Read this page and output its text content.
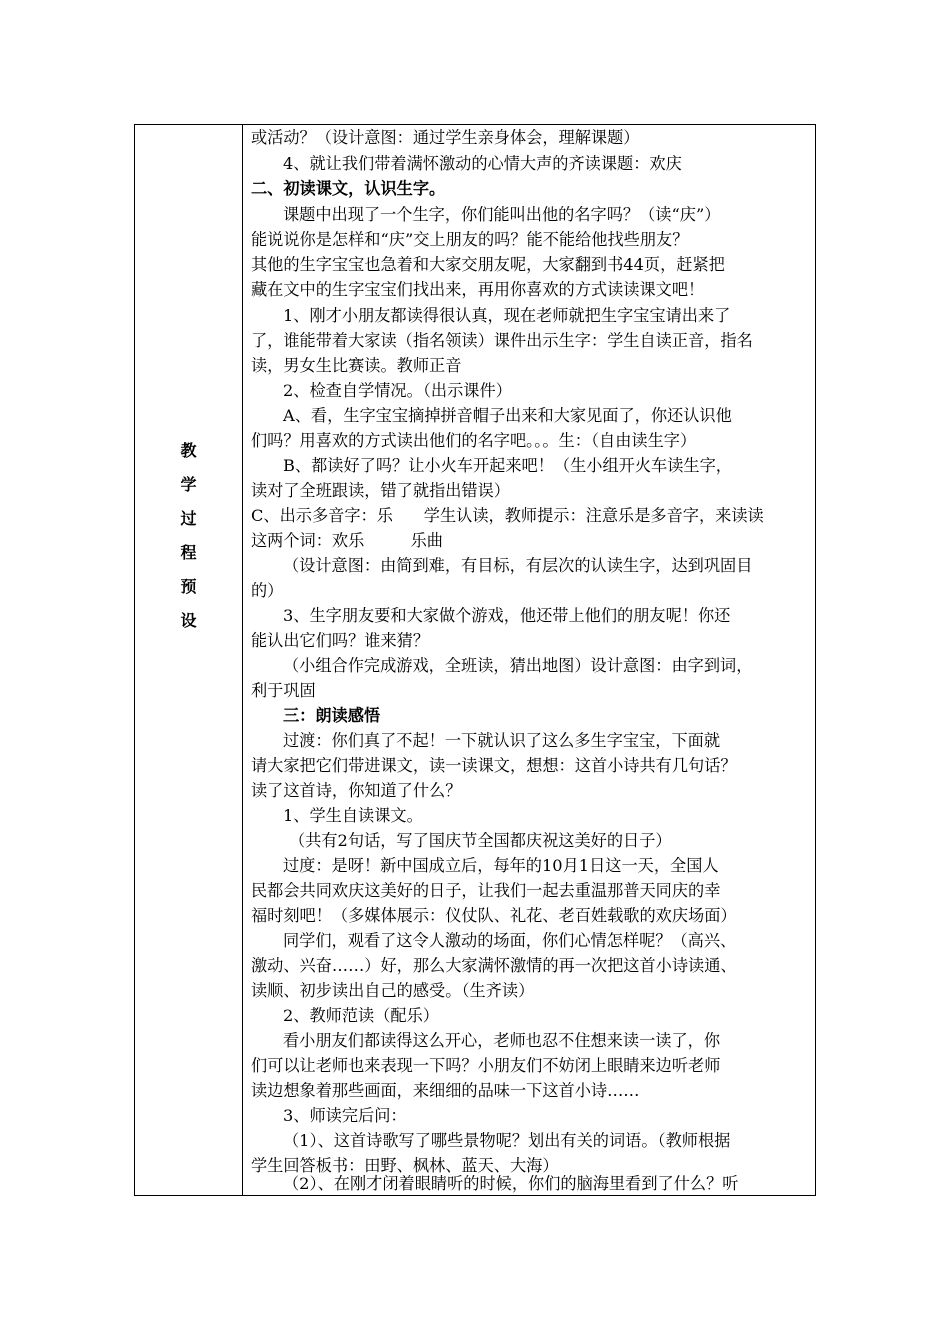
教
学
过
程
预
设
或活动？（设计意图：通过学生亲身体会，理解课题）
4、就让我们带着满怀激动的心情大声的齐读课题：欢庆
二、初读课文，认识生字。
课题中出现了一个生字，你们能叫出他的名字吗？（读“庆”）
能说说你是怎样和“庆”交上朋友的吗？能不能给他找些朋友？
其他的生字宝宝也急着和大家交朋友呢，大家翻到书44页，赶紧把
藏在文中的生字宝宝们找出来，再用你喜欢的方式读读课文吧！
1、刚才小朋友都读得很认真，现在老师就把生字宝宝请出来了
了，谁能带着大家读（指名领读）课件出示生字：学生自读正音，指名
读，男女生比赛读。教师正音
2、检查自学情况。（出示课件）
A、看，生字宝宝摘掉拼音帽子出来和大家见面了，你还认识他
们吗？用喜欢的方式读出他们的名字吧。。。生：（自由读生字）
B、都读好了吗？让小火车开起来吧！（生小组开火车读生字，
读对了全班跟读，错了就指出错误）
C、出示多音字：乐      学生认读，教师提示：注意乐是多音字，来读读
这两个词：欢乐         乐曲
（设计意图：由简到难，有目标，有层次的认读生字，达到巩固目
的）
3、生字朋友要和大家做个游戏，他还带上他们的朋友呢！你还
能认出它们吗？谁来猜？
（小组合作完成游戏，全班读，猜出地图）设计意图：由字到词，
利于巩固
三：朗读感悟
过渡：你们真了不起！一下就认识了这么多生字宝宝，下面就
请大家把它们带进课文，读一读课文，想想：这首小诗共有几句话？
读了这首诗，你知道了什么？
1、学生自读课文。
（共有2句话，写了国庆节全国都庆祝这美好的日子）
过度：是呀！新中国成立后，每年的10月1日这一天，全国人
民都会共同欢庆这美好的日子，让我们一起去重温那普天同庆的幸
福时刻吧！（多媒体展示：仪仗队、礼花、老百姓载歌的欢庆场面）
同学们，观看了这令人激动的场面，你们心情怎样呢？（高兴、
激动、兴奋……）好，那么大家满怀激情的再一次把这首小诗读通、
读顺、初步读出自己的感受。（生齐读）
2、教师范读（配乐）
看小朋友们都读得这么开心，老师也忍不住想来读一读了，你
们可以让老师也来表现一下吗？小朋友们不妨闭上眼睛来边听老师
读边想象着那些画面，来细细的品味一下这首小诗……
3、师读完后问：
（1）、这首诗歌写了哪些景物呢？划出有关的词语。（教师根据
学生回答板书：田野、枫林、蓝天、大海）
（2）、在刚才闭着眼睛听的时候，你们的脑海里看到了什么？听
